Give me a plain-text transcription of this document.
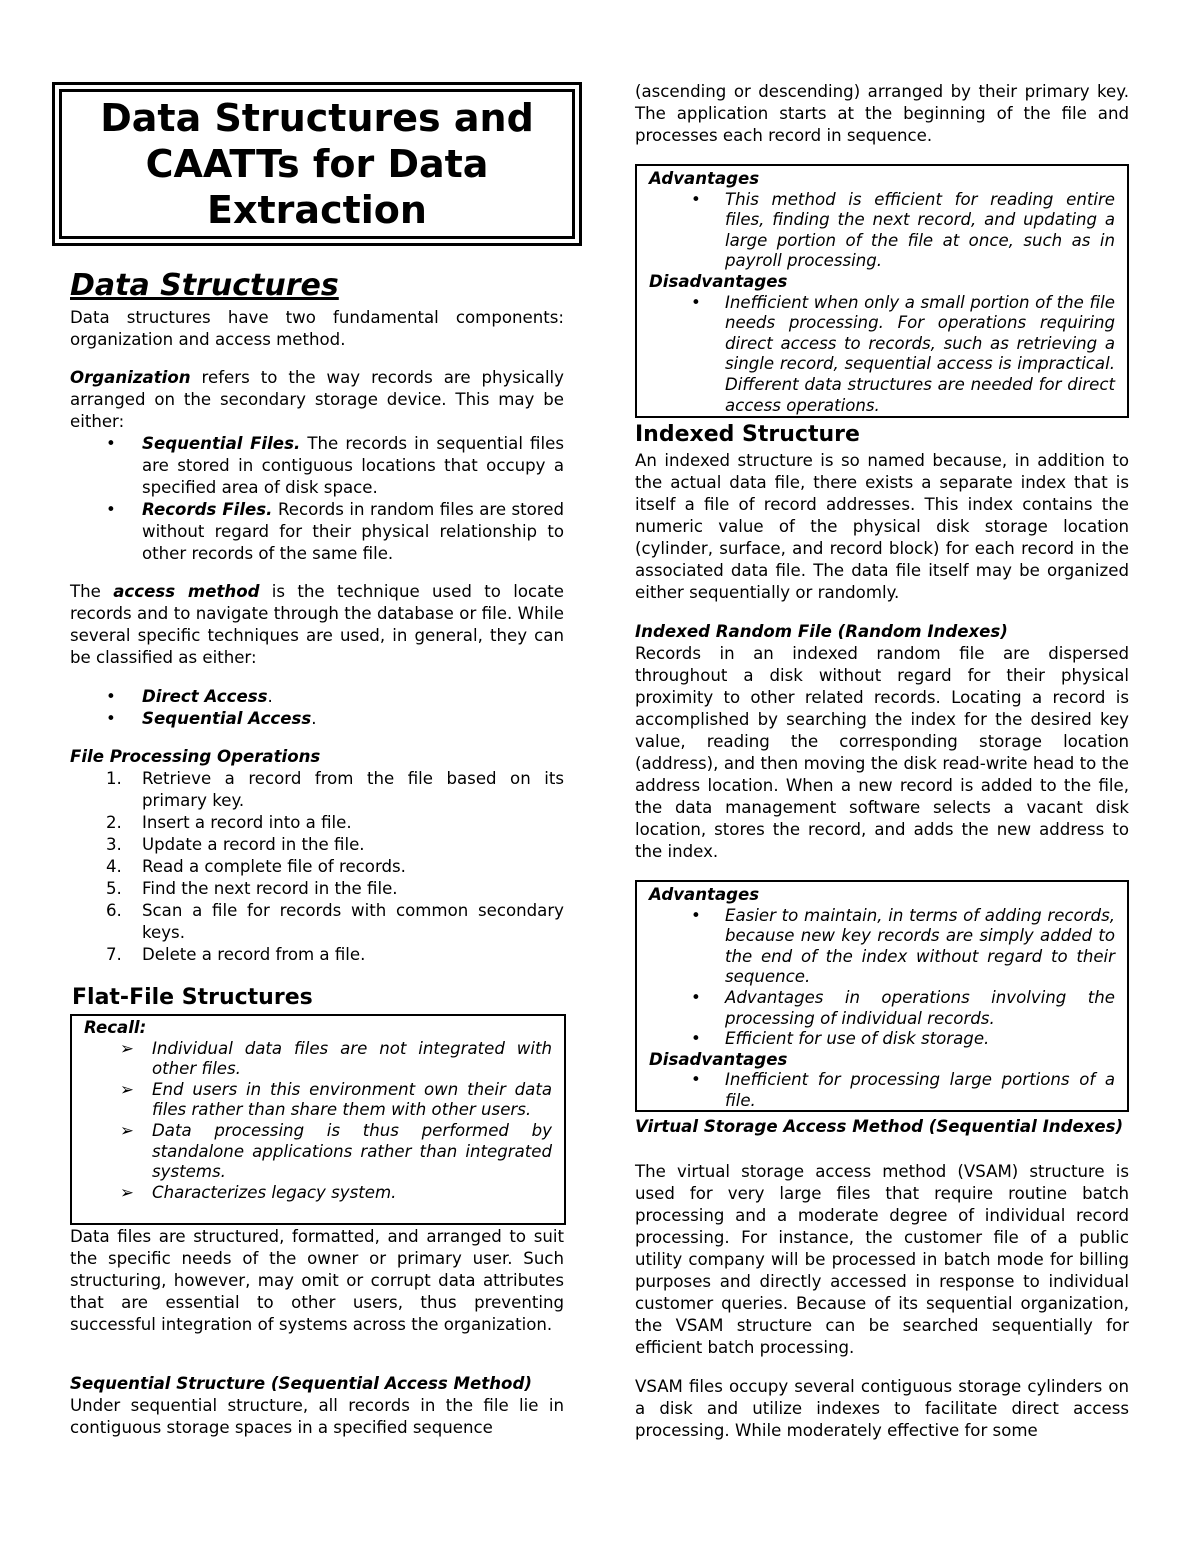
Data Structures and
CAATTs for Data
Extraction
Data Structures

Data structures have two fundamental components: organization and access method.

Organization refers to the way records are physically arranged on the secondary storage device. This may be either:

• Sequential Files. The records in sequential files are stored in contiguous locations that occupy a specified area of disk space.
• Records Files. Records in random files are stored without regard for their physical relationship to other records of the same file.

The access method is the technique used to locate records and to navigate through the database or file. While several specific techniques are used, in general, they can be classified as either:

• Direct Access.
• Sequential Access.
File Processing Operations
1. Retrieve a record from the file based on its primary key.
2. Insert a record into a file.
3. Update a record in the file.
4. Read a complete file of records.
5. Find the next record in the file.
6. Scan a file for records with common secondary keys.
7. Delete a record from a file.
Flat-File Structures

Recall:

➢ Individual data files are not integrated with other files.
➢ End users in this environment own their data files rather than share them with other users.
➢ Data processing is thus performed by standalone applications rather than integrated systems.
➢ Characterizes legacy system.

Data files are structured, formatted, and arranged to suit the specific needs of the owner or primary user. Such structuring, however, may omit or corrupt data attributes that are essential to other users, thus preventing successful integration of systems across the organization.

Sequential Structure (Sequential Access Method)

Under sequential structure, all records in the file lie in contiguous storage spaces in a specified sequence

(ascending or descending) arranged by their primary key. The application starts at the beginning of the file and processes each record in sequence.

Advantages

• This method is efficient for reading entire files, finding the next record, and updating a large portion of the file at once, such as in payroll processing.

Disadvantages

• Inefficient when only a small portion of the file needs processing. For operations requiring direct access to records, such as retrieving a single record, sequential access is impractical. Different data structures are needed for direct access operations.
Indexed Structure

An indexed structure is so named because, in addition to the actual data file, there exists a separate index that is itself a file of record addresses. This index contains the numeric value of the physical disk storage location (cylinder, surface, and record block) for each record in the associated data file. The data file itself may be organized either sequentially or randomly.

Indexed Random File (Random Indexes)

Records in an indexed random file are dispersed throughout a disk without regard for their physical proximity to other related records. Locating a record is accomplished by searching the index for the desired key value, reading the corresponding storage location (address), and then moving the disk read-write head to the address location. When a new record is added to the file, the data management software selects a vacant disk location, stores the record, and adds the new address to the index.

Advantages

• Easier to maintain, in terms of adding records, because new key records are simply added to the end of the index without regard to their sequence.
• Advantages in operations involving the processing of individual records.
• Efficient for use of disk storage.

Disadvantages

• Inefficient for processing large portions of a file.
Virtual Storage Access Method (Sequential Indexes)

The virtual storage access method (VSAM) structure is used for very large files that require routine batch processing and a moderate degree of individual record processing. For instance, the customer file of a public utility company will be processed in batch mode for billing purposes and directly accessed in response to individual customer queries. Because of its sequential organization, the VSAM structure can be searched sequentially for efficient batch processing.

VSAM files occupy several contiguous storage cylinders on a disk and utilize indexes to facilitate direct access processing. While moderately effective for some
